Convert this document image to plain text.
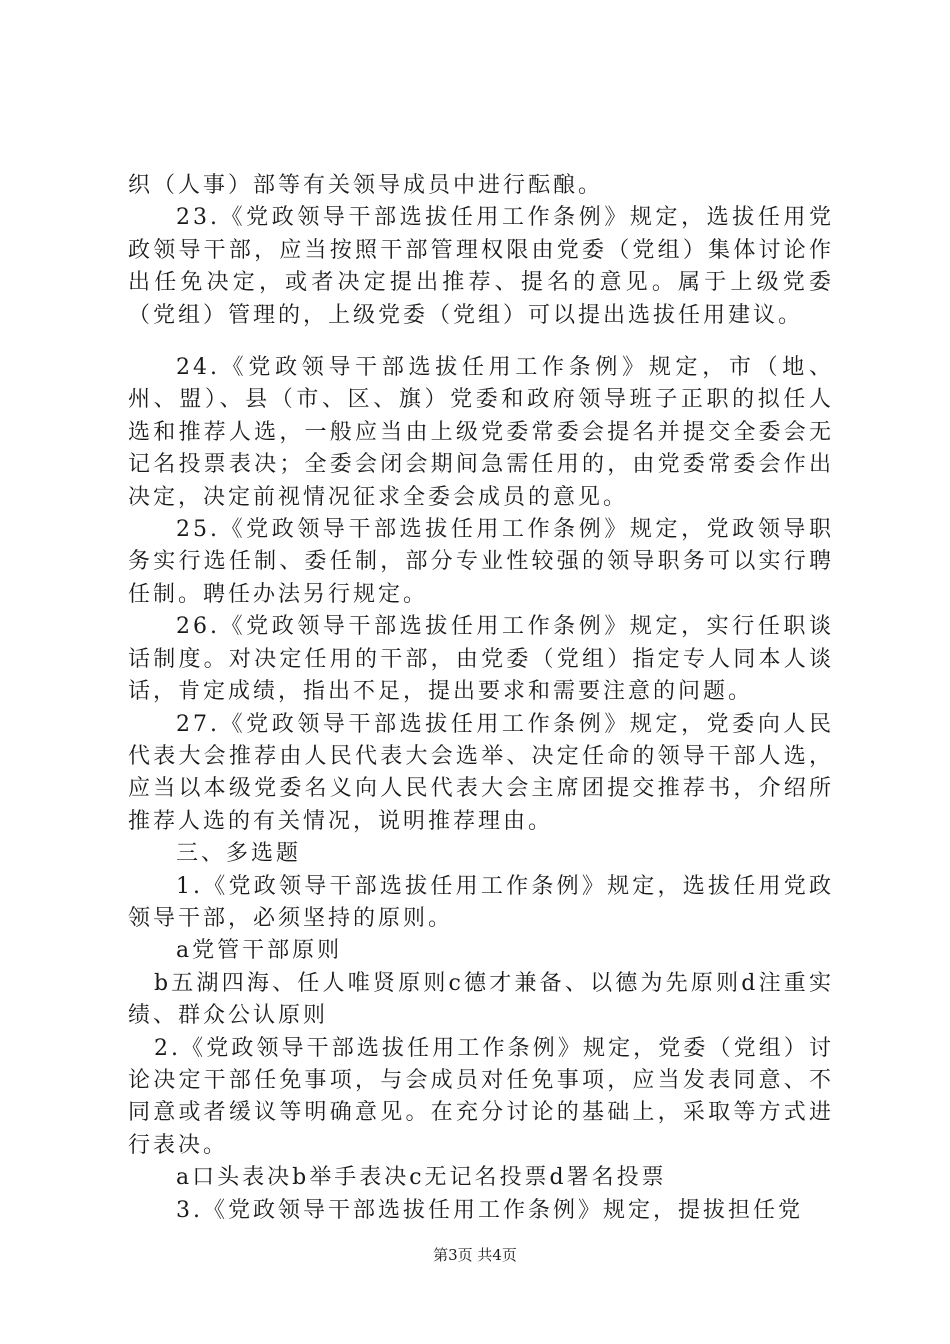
织（人事）部等有关领导成员中进行酝酿。

23.《党政领导干部选拔任用工作条例》规定，选拔任用党政领导干部，应当按照干部管理权限由党委（党组）集体讨论作出任免决定，或者决定提出推荐、提名的意见。属于上级党委（党组）管理的，上级党委（党组）可以提出选拔任用建议。

24.《党政领导干部选拔任用工作条例》规定，市（地、州、盟）、县（市、区、旗）党委和政府领导班子正职的拟任人选和推荐人选，一般应当由上级党委常委会提名并提交全委会无记名投票表决；全委会闭会期间急需任用的，由党委常委会作出决定，决定前视情况征求全委会成员的意见。

25.《党政领导干部选拔任用工作条例》规定，党政领导职务实行选任制、委任制，部分专业性较强的领导职务可以实行聘任制。聘任办法另行规定。

26.《党政领导干部选拔任用工作条例》规定，实行任职谈话制度。对决定任用的干部，由党委（党组）指定专人同本人谈话，肯定成绩，指出不足，提出要求和需要注意的问题。

27.《党政领导干部选拔任用工作条例》规定，党委向人民代表大会推荐由人民代表大会选举、决定任命的领导干部人选，应当以本级党委名义向人民代表大会主席团提交推荐书，介绍所推荐人选的有关情况，说明推荐理由。

三、多选题

1.《党政领导干部选拔任用工作条例》规定，选拔任用党政领导干部，必须坚持的原则。

a党管干部原则

b五湖四海、任人唯贤原则c德才兼备、以德为先原则d注重实绩、群众公认原则

2.《党政领导干部选拔任用工作条例》规定，党委（党组）讨论决定干部任免事项，与会成员对任免事项，应当发表同意、不同意或者缓议等明确意见。在充分讨论的基础上，采取等方式进行表决。

a口头表决b举手表决c无记名投票d署名投票

3.《党政领导干部选拔任用工作条例》规定，提拔担任党

第3页 共4页
